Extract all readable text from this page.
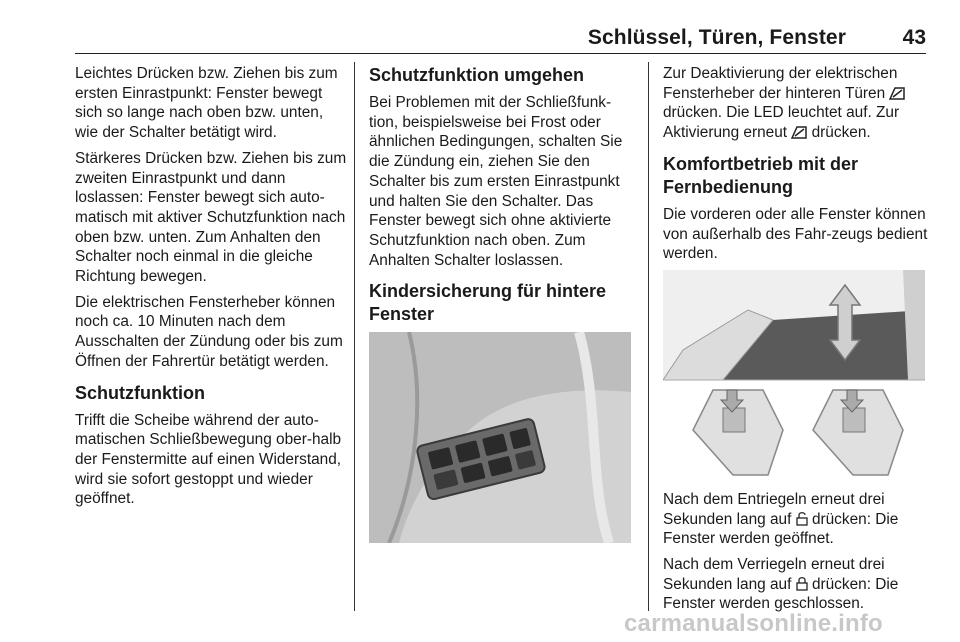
Schlüssel, Türen, Fenster	43

Leichtes Drücken bzw. Ziehen bis zum ersten Einrastpunkt: Fenster bewegt sich so lange nach oben bzw. unten, wie der Schalter betätigt wird.

Stärkeres Drücken bzw. Ziehen bis zum zweiten Einrastpunkt und dann loslassen: Fenster bewegt sich auto-matisch mit aktiver Schutzfunktion nach oben bzw. unten. Zum Anhalten den Schalter noch einmal in die gleiche Richtung bewegen.

Die elektrischen Fensterheber können noch ca. 10 Minuten nach dem Ausschalten der Zündung oder bis zum Öffnen der Fahrertür betätigt werden.

Schutzfunktion

Trifft die Scheibe während der auto-matischen Schließbewegung ober-halb der Fenstermitte auf einen Widerstand, wird sie sofort gestoppt und wieder geöffnet.

Schutzfunktion umgehen

Bei Problemen mit der Schließfunk-tion, beispielsweise bei Frost oder ähnlichen Bedingungen, schalten Sie die Zündung ein, ziehen Sie den Schalter bis zum ersten Einrastpunkt und halten Sie den Schalter. Das Fenster bewegt sich ohne aktivierte Schutzfunktion nach oben. Zum Anhalten Schalter loslassen.

Kindersicherung für hintere Fenster

Zur Deaktivierung der elektrischen Fensterheber der hinteren Türen  drücken. Die LED leuchtet auf. Zur Aktivierung erneut drücken.

Komfortbetrieb mit der Fernbedienung

Die vorderen oder alle Fenster können von außerhalb des Fahr-zeugs bedient werden.

Nach dem Entriegeln erneut drei Sekunden lang auf drücken: Die Fenster werden geöffnet.

Nach dem Verriegeln erneut drei Sekunden lang auf drücken: Die Fenster werden geschlossen.

carmanualsonline.info
